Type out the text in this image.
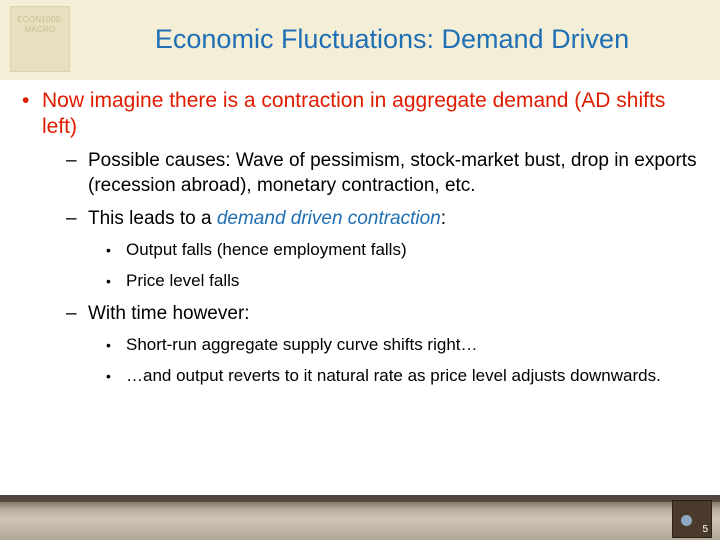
ECON1000:
MACRO	Economic Fluctuations: Demand Driven
• Now imagine there is a contraction in aggregate demand (AD shifts left)
– Possible causes: Wave of pessimism, stock-market bust, drop in exports (recession abroad), monetary contraction, etc.
– This leads to a demand driven contraction:
• Output falls (hence employment falls)
• Price level falls
– With time however:
• Short-run aggregate supply curve shifts right…
• …and output reverts to it natural rate as price level adjusts downwards.
5
